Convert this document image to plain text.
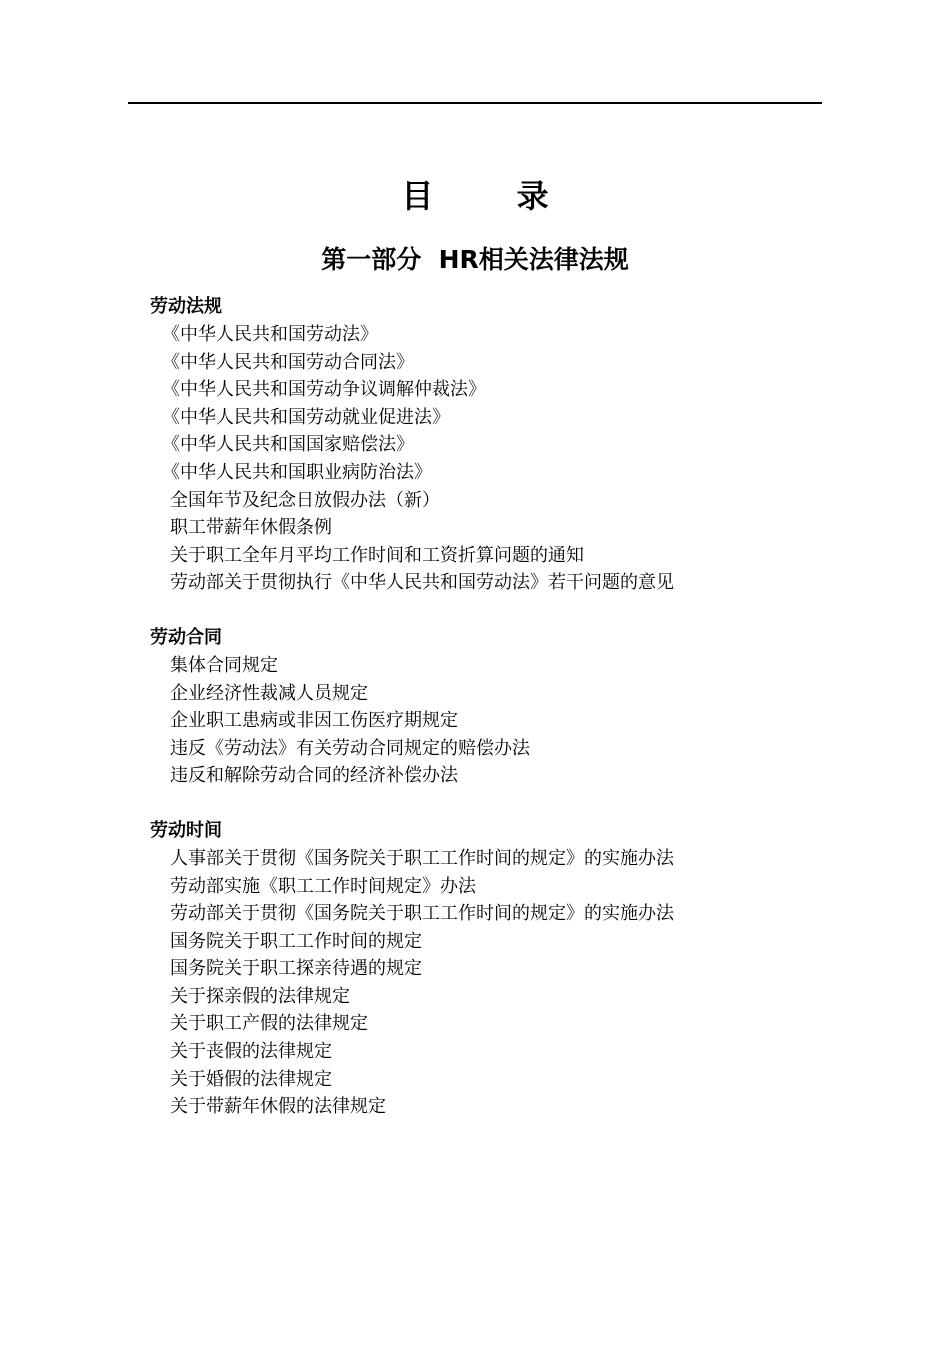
目 录
第一部分  HR相关法律法规
劳动法规
《中华人民共和国劳动法》
《中华人民共和国劳动合同法》
《中华人民共和国劳动争议调解仲裁法》
《中华人民共和国劳动就业促进法》
《中华人民共和国国家赔偿法》
《中华人民共和国职业病防治法》
全国年节及纪念日放假办法（新）
职工带薪年休假条例
关于职工全年月平均工作时间和工资折算问题的通知
劳动部关于贯彻执行《中华人民共和国劳动法》若干问题的意见
劳动合同
集体合同规定
企业经济性裁减人员规定
企业职工患病或非因工伤医疗期规定
违反《劳动法》有关劳动合同规定的赔偿办法
违反和解除劳动合同的经济补偿办法
劳动时间
人事部关于贯彻《国务院关于职工工作时间的规定》的实施办法
劳动部实施《职工工作时间规定》办法
劳动部关于贯彻《国务院关于职工工作时间的规定》的实施办法
国务院关于职工工作时间的规定
国务院关于职工探亲待遇的规定
关于探亲假的法律规定
关于职工产假的法律规定
关于丧假的法律规定
关于婚假的法律规定
关于带薪年休假的法律规定
